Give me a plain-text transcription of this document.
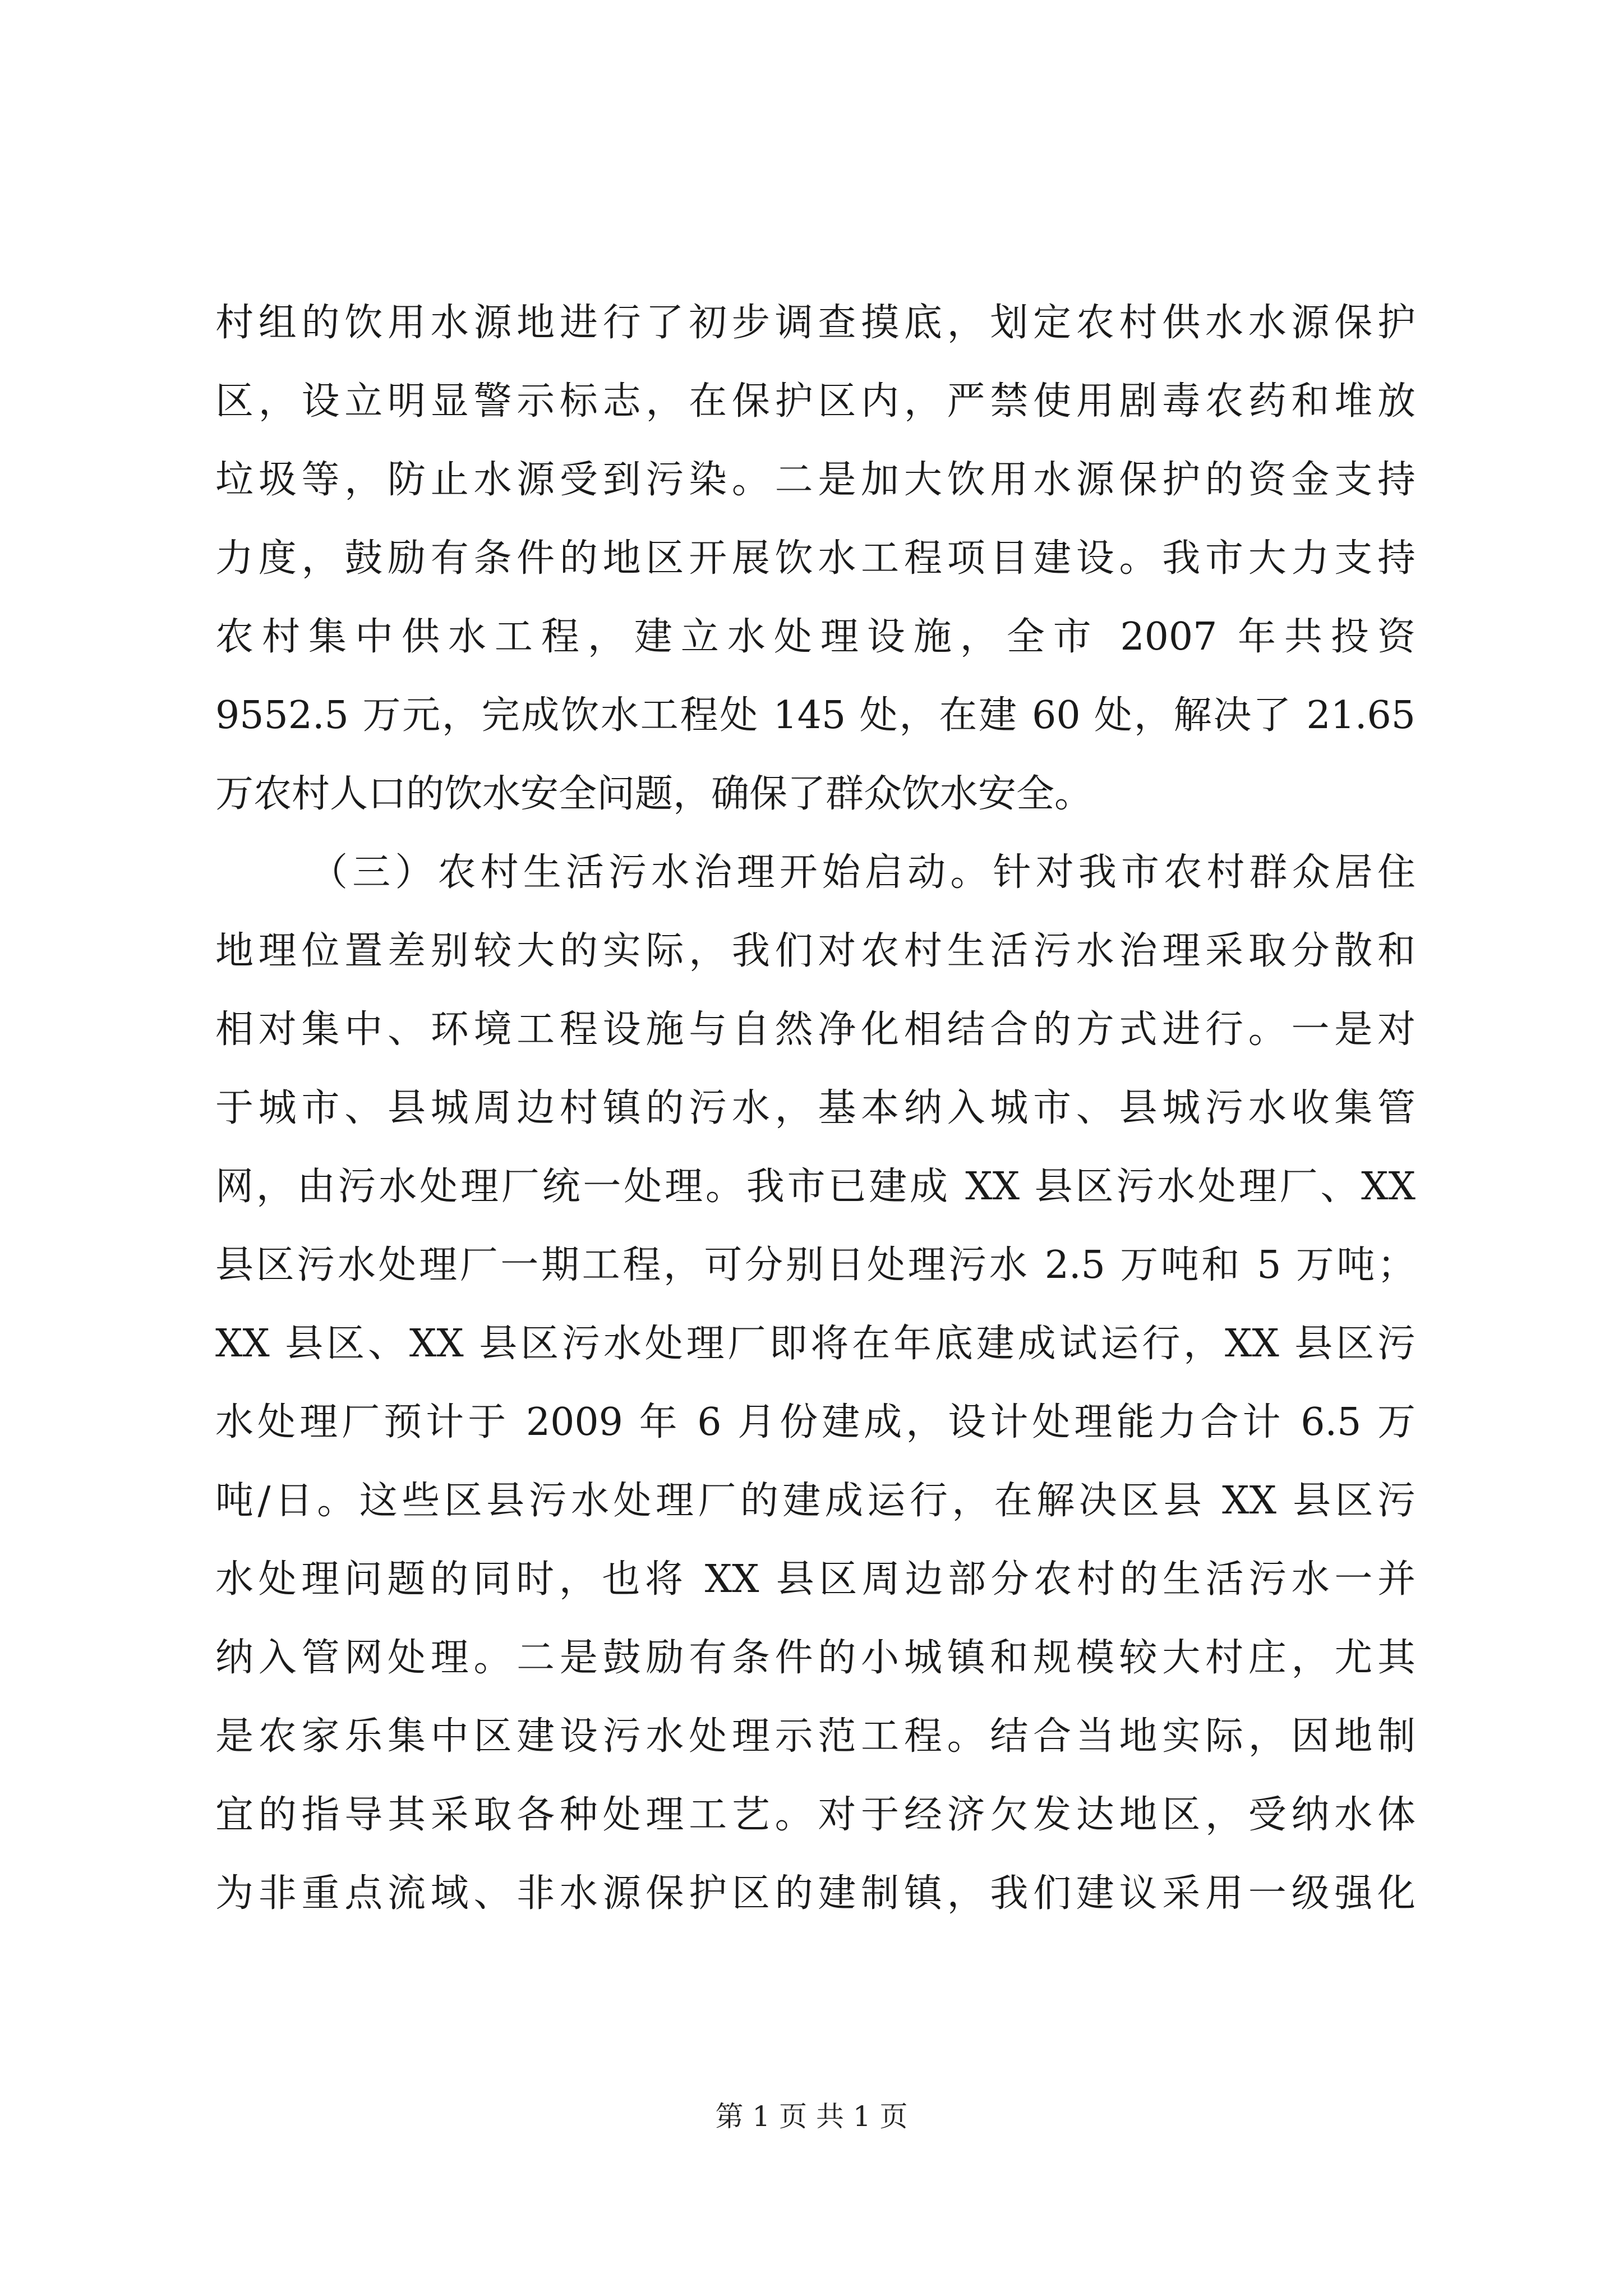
村组的饮用水源地进行了初步调查摸底，划定农村供水水源保护
区，设立明显警示标志，在保护区内，严禁使用剧毒农药和堆放
垃圾等，防止水源受到污染。二是加大饮用水源保护的资金支持
力度，鼓励有条件的地区开展饮水工程项目建设。我市大力支持
农村集中供水工程，建立水处理设施，全市 2007 年共投资
9552.5 万元，完成饮水工程处 145 处，在建 60 处，解决了 21.65
万农村人口的饮水安全问题，确保了群众饮水安全。
（三）农村生活污水治理开始启动。针对我市农村群众居住
地理位置差别较大的实际，我们对农村生活污水治理采取分散和
相对集中、环境工程设施与自然净化相结合的方式进行。一是对
于城市、县城周边村镇的污水，基本纳入城市、县城污水收集管
网，由污水处理厂统一处理。我市已建成 XX 县区污水处理厂、XX
县区污水处理厂一期工程，可分别日处理污水 2.5 万吨和 5 万吨；
XX 县区、XX 县区污水处理厂即将在年底建成试运行，XX 县区污
水处理厂预计于 2009 年 6 月份建成，设计处理能力合计 6.5 万
吨/日。这些区县污水处理厂的建成运行，在解决区县 XX 县区污
水处理问题的同时，也将 XX 县区周边部分农村的生活污水一并
纳入管网处理。二是鼓励有条件的小城镇和规模较大村庄，尤其
是农家乐集中区建设污水处理示范工程。结合当地实际，因地制
宜的指导其采取各种处理工艺。对于经济欠发达地区，受纳水体
为非重点流域、非水源保护区的建制镇，我们建议采用一级强化
第 1 页 共 1 页
